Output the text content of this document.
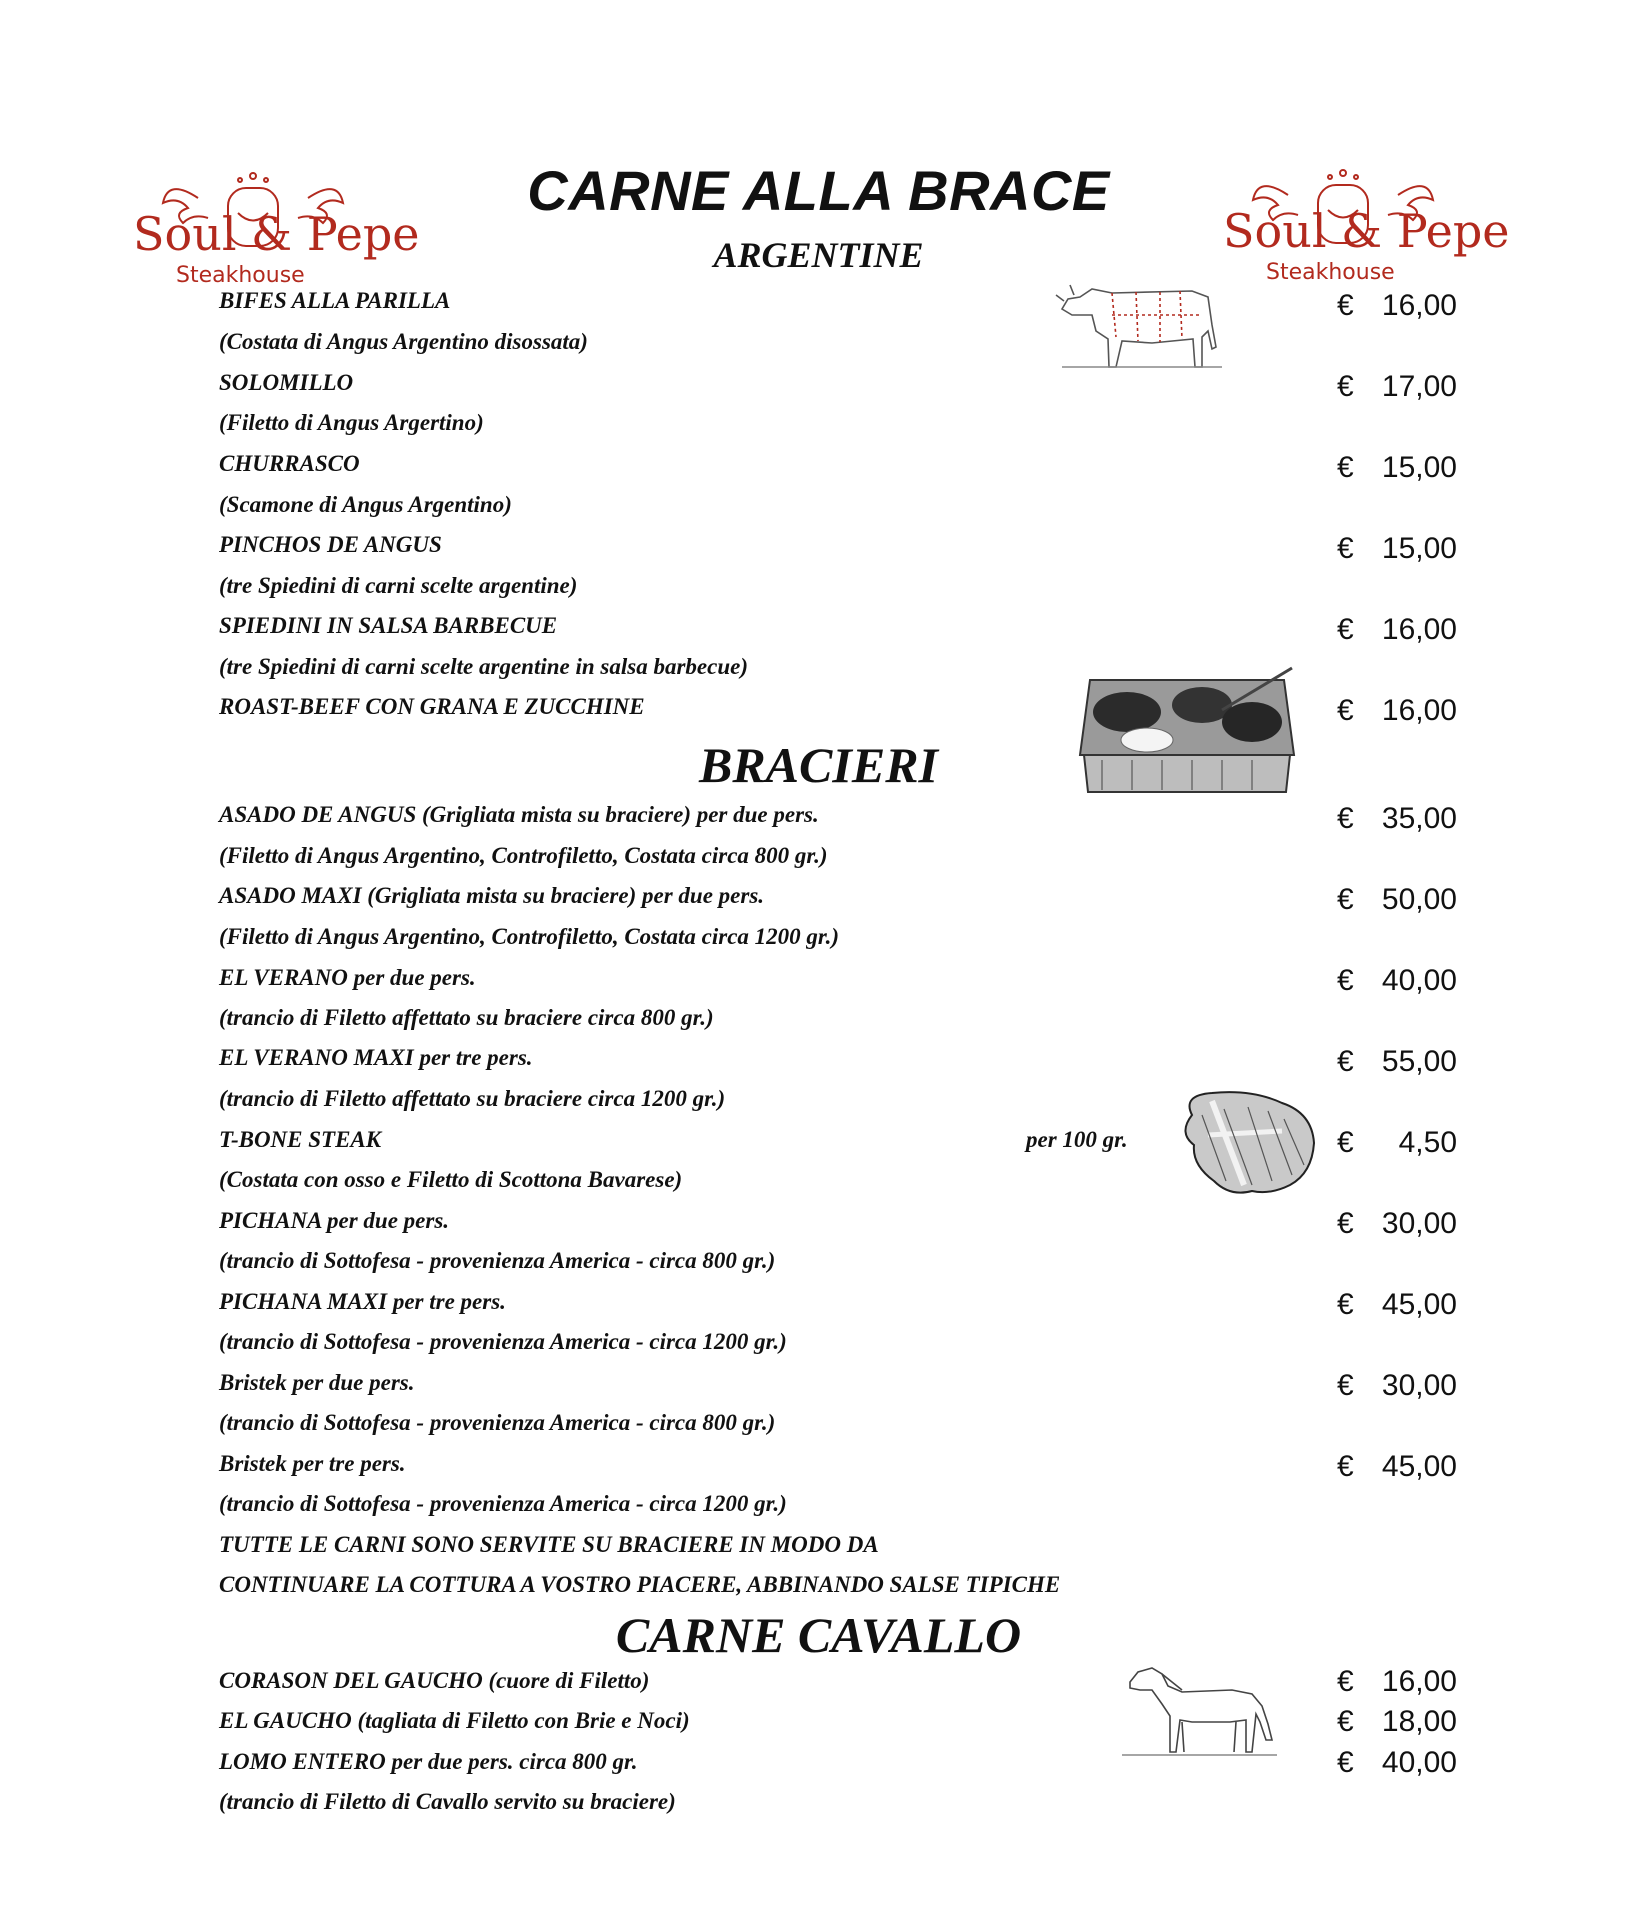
Soul & Pepe
Steakhouse
Soul & Pepe
Steakhouse
CARNE ALLA BRACE
ARGENTINE
BRACIERI
CARNE CAVALLO
BIFES ALLA PARILLA
(Costata di Angus Argentino disossata)
SOLOMILLO
(Filetto di Angus Argertino)
CHURRASCO
(Scamone di Angus Argentino)
PINCHOS DE ANGUS
(tre Spiedini di carni scelte argentine)
SPIEDINI IN SALSA BARBECUE
(tre Spiedini di carni scelte argentine in salsa barbecue)
ROAST-BEEF CON GRANA E ZUCCHINE
ASADO DE ANGUS (Grigliata mista su braciere) per due pers.
(Filetto di Angus Argentino, Controfiletto, Costata circa 800 gr.)
ASADO MAXI (Grigliata mista su braciere) per due pers.
(Filetto di Angus Argentino, Controfiletto, Costata circa 1200 gr.)
EL VERANO per due pers.
(trancio di Filetto affettato su braciere circa 800 gr.)
EL VERANO MAXI per tre pers.
(trancio di Filetto affettato su braciere circa 1200 gr.)
T-BONE STEAK	per 100 gr.
(Costata con osso e Filetto di Scottona Bavarese)
PICHANA per due pers.
(trancio di Sottofesa - provenienza America - circa 800 gr.)
PICHANA MAXI per tre pers.
(trancio di Sottofesa - provenienza America - circa 1200 gr.)
Bristek per due pers.
(trancio di Sottofesa - provenienza America - circa 800 gr.)
Bristek per tre pers.
(trancio di Sottofesa - provenienza America - circa 1200 gr.)
TUTTE LE CARNI SONO SERVITE SU BRACIERE IN MODO DA
CONTINUARE LA COTTURA A VOSTRO PIACERE, ABBINANDO SALSE TIPICHE
CORASON DEL GAUCHO (cuore di Filetto)
EL GAUCHO (tagliata di Filetto con Brie e Noci)
LOMO ENTERO per due pers. circa 800 gr.
(trancio di Filetto di Cavallo servito su braciere)
€ 16,00
€ 17,00
€ 15,00
€ 15,00
€ 16,00
€ 16,00
€ 35,00
€ 50,00
€ 40,00
€ 55,00
€ 4,50
€ 30,00
€ 45,00
€ 30,00
€ 45,00
€ 16,00
€ 18,00
€ 40,00
